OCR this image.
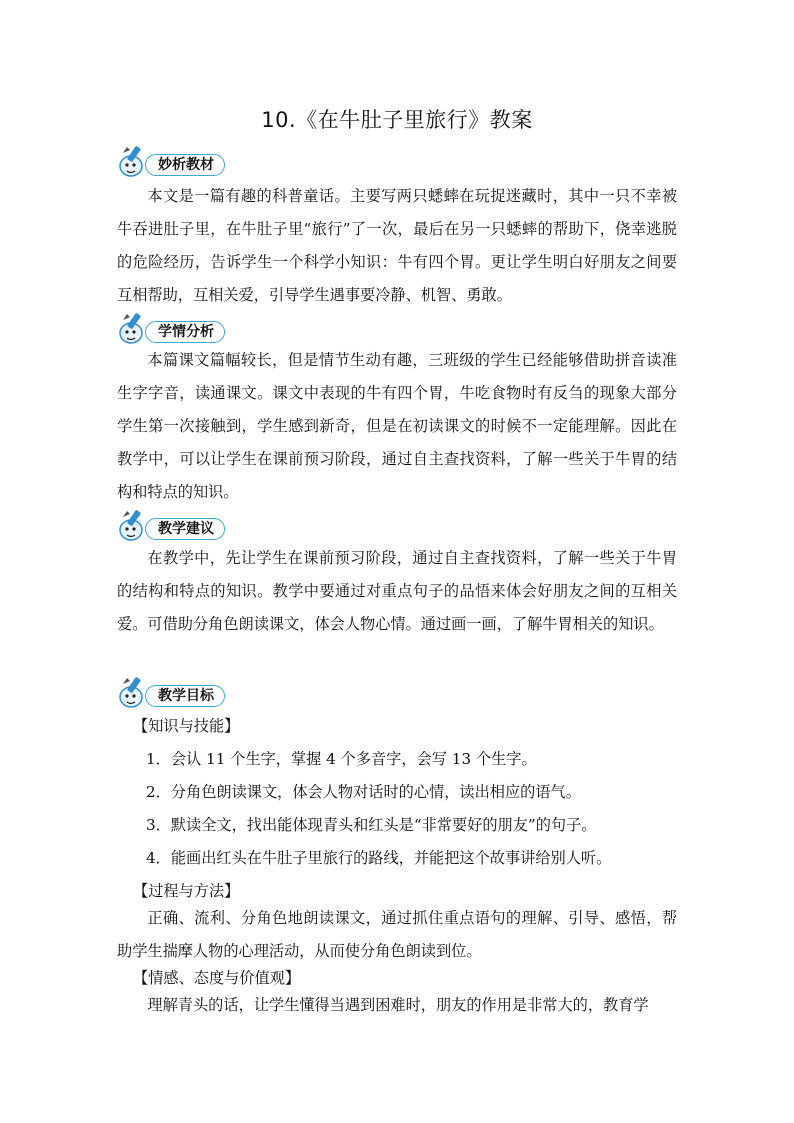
10.《在牛肚子里旅行》教案
妙析教材
本文是一篇有趣的科普童话。主要写两只蟋蟀在玩捉迷藏时，其中一只不幸被牛吞进肚子里，在牛肚子里“旅行”了一次，最后在另一只蟋蟀的帮助下，侥幸逃脱的危险经历，告诉学生一个科学小知识：牛有四个胃。更让学生明白好朋友之间要互相帮助，互相关爱，引导学生遇事要冷静、机智、勇敢。
学情分析
本篇课文篇幅较长，但是情节生动有趣，三班级的学生已经能够借助拼音读准生字字音，读通课文。课文中表现的牛有四个胃，牛吃食物时有反刍的现象大部分学生第一次接触到，学生感到新奇，但是在初读课文的时候不一定能理解。因此在教学中，可以让学生在课前预习阶段，通过自主查找资料，了解一些关于牛胃的结构和特点的知识。
教学建议
在教学中，先让学生在课前预习阶段，通过自主查找资料，了解一些关于牛胃的结构和特点的知识。教学中要通过对重点句子的品悟来体会好朋友之间的互相关爱。可借助分角色朗读课文，体会人物心情。通过画一画，了解牛胃相关的知识。
教学目标
【知识与技能】
1．会认 11 个生字，掌握 4 个多音字，会写 13 个生字。
2．分角色朗读课文，体会人物对话时的心情，读出相应的语气。
3．默读全文，找出能体现青头和红头是“非常要好的朋友”的句子。
4．能画出红头在牛肚子里旅行的路线，并能把这个故事讲给别人听。
【过程与方法】
正确、流利、分角色地朗读课文，通过抓住重点语句的理解、引导、感悟，帮助学生揣摩人物的心理活动，从而使分角色朗读到位。
【情感、态度与价值观】
理解青头的话，让学生懂得当遇到困难时，朋友的作用是非常大的，教育学
